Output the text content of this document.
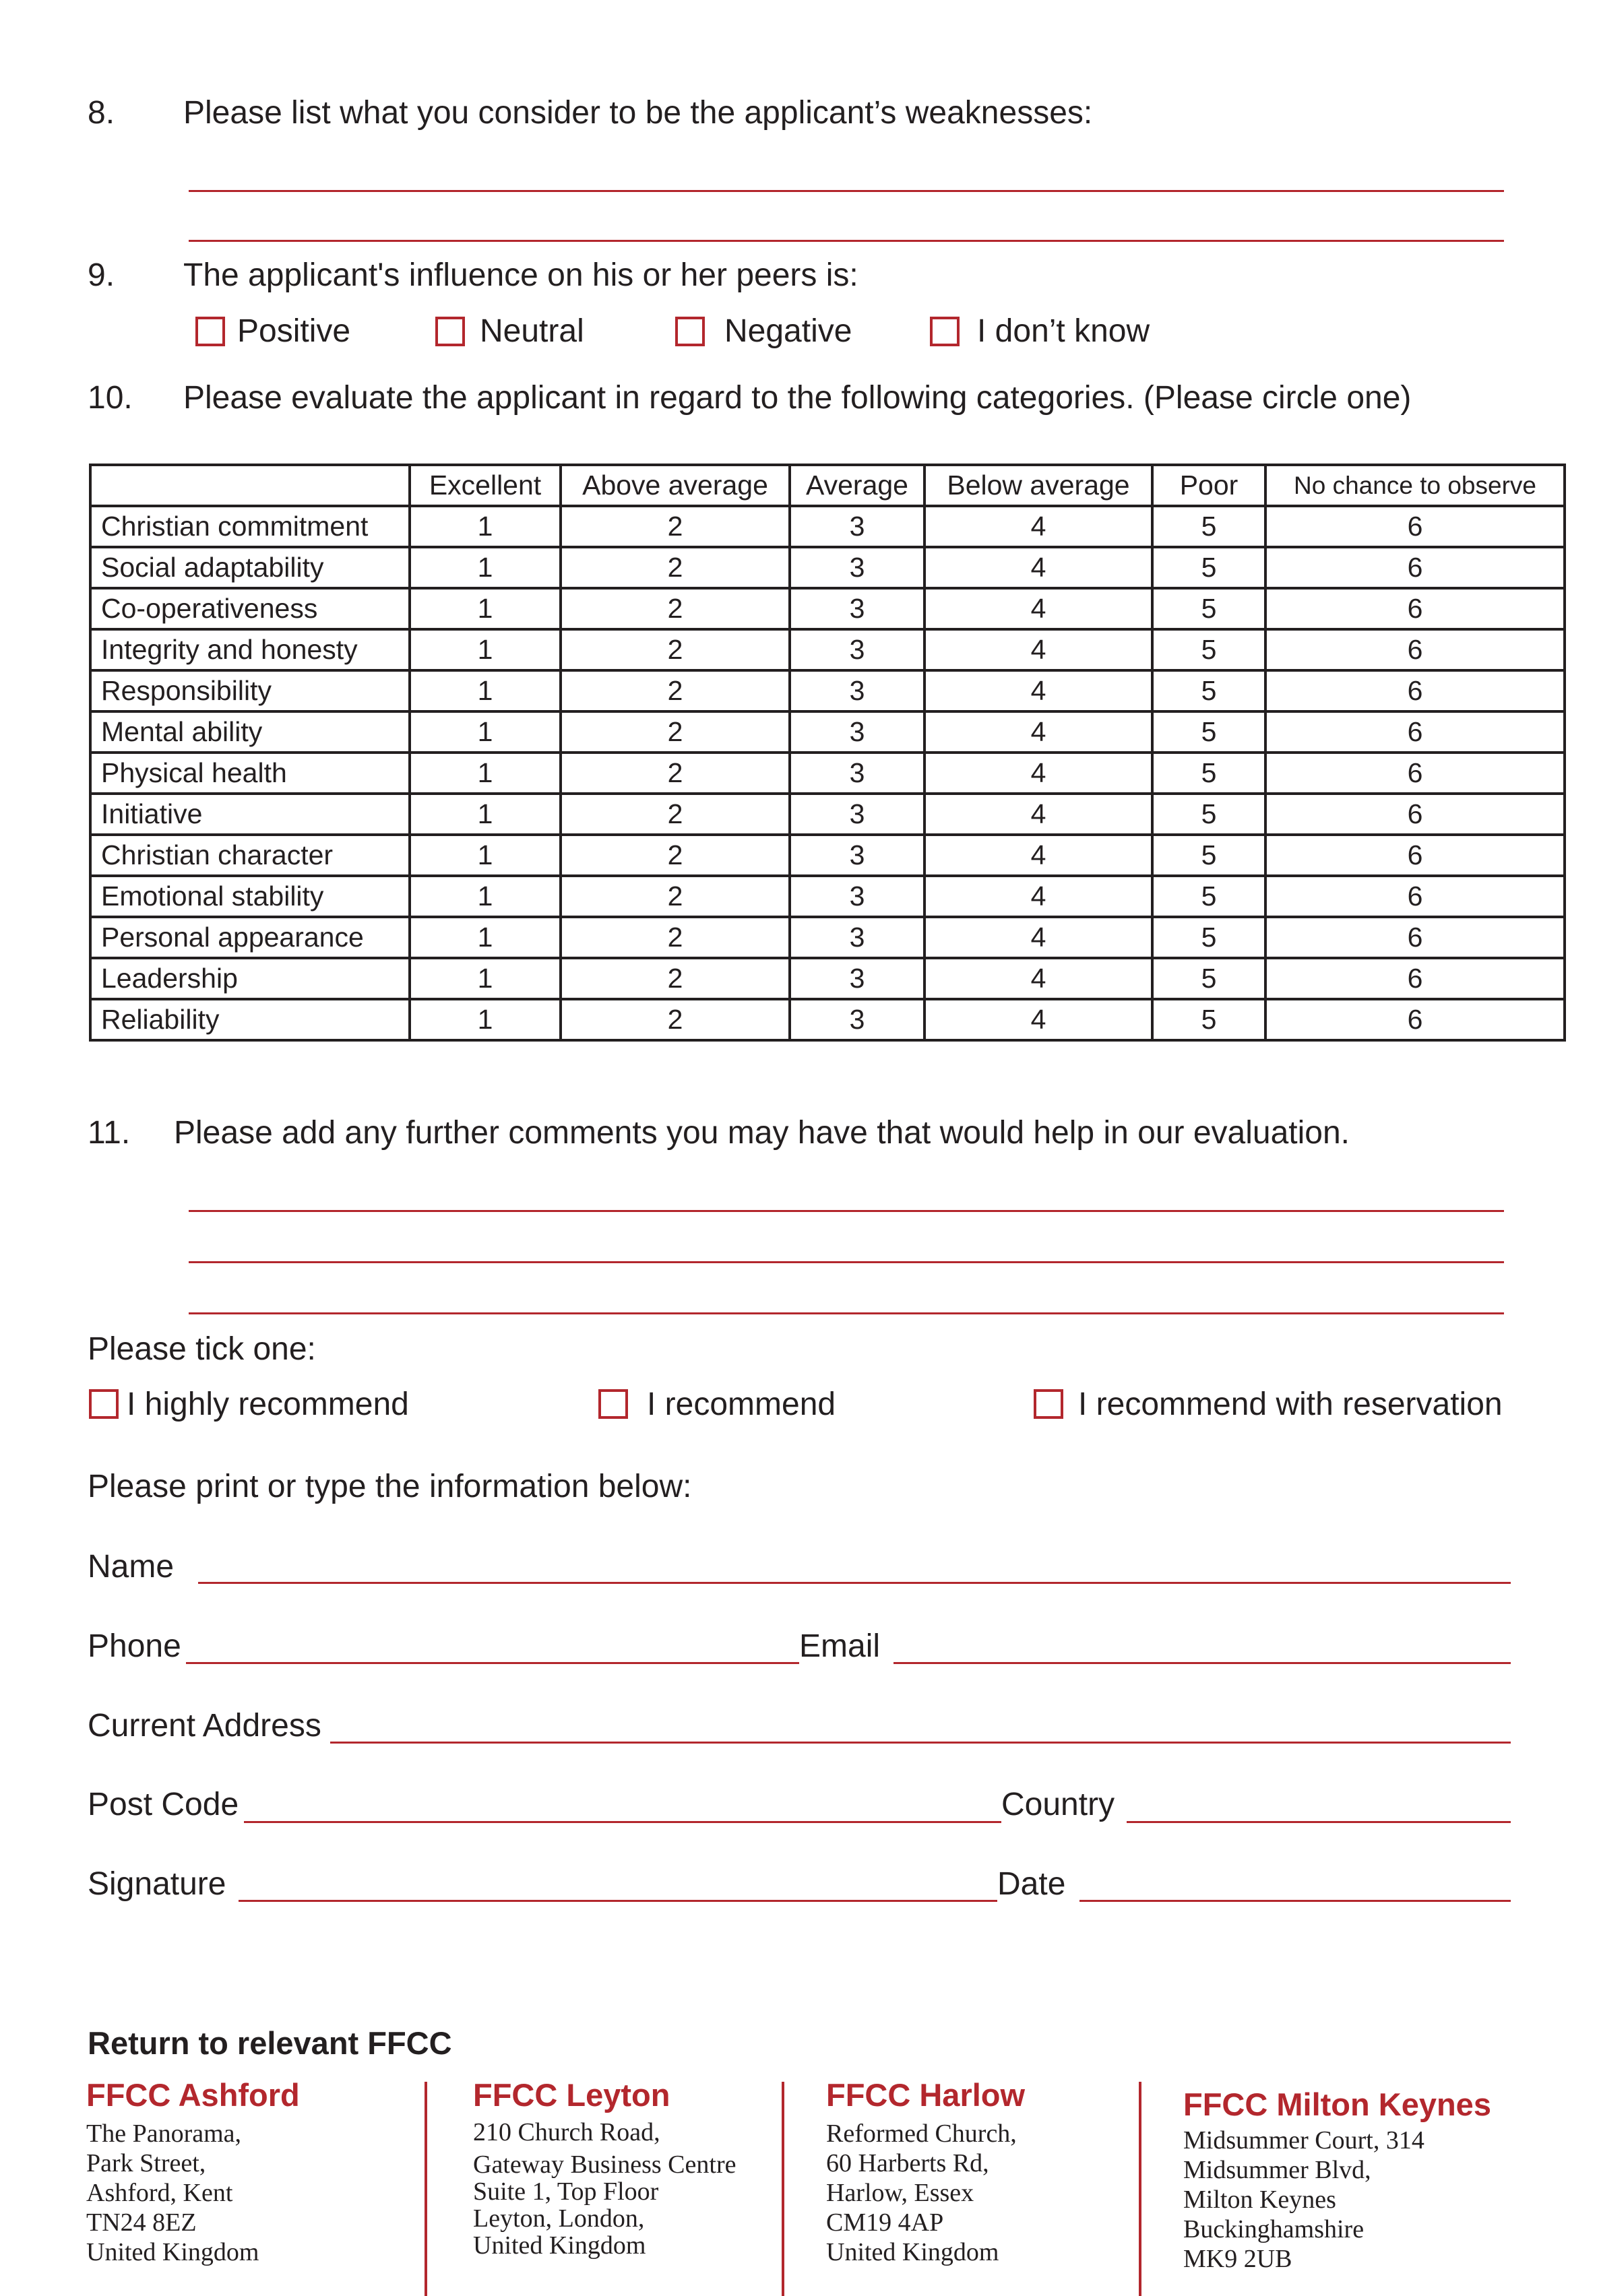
8. Please list what you consider to be the applicant’s weaknesses:
9. The applicant's influence on his or her peers is:
Positive	Neutral	Negative	I don’t know
10. Please evaluate the applicant in regard to the following categories. (Please circle one)
	Excellent	Above average	Average	Below average	Poor	No chance to observe
Christian commitment	1	2	3	4	5	6
Social adaptability	1	2	3	4	5	6
Co-operativeness	1	2	3	4	5	6
Integrity and honesty	1	2	3	4	5	6
Responsibility	1	2	3	4	5	6
Mental ability	1	2	3	4	5	6
Physical health	1	2	3	4	5	6
Initiative	1	2	3	4	5	6
Christian character	1	2	3	4	5	6
Emotional stability	1	2	3	4	5	6
Personal appearance	1	2	3	4	5	6
Leadership	1	2	3	4	5	6
Reliability	1	2	3	4	5	6
11. Please add any further comments you may have that would help in our evaluation.
Please tick one:
I highly recommend	I recommend	I recommend with reservation
Please print or type the information below:
Name
Phone	Email
Current Address
Post Code	Country
Signature	Date
Return to relevant FFCC
FFCC Ashford
The Panorama,
Park Street,
Ashford, Kent
TN24 8EZ
United Kingdom
FFCC Leyton
210 Church Road,
Gateway Business Centre
Suite 1, Top Floor
Leyton, London,
United Kingdom
FFCC Harlow
Reformed Church,
60 Harberts Rd,
Harlow, Essex
CM19 4AP
United Kingdom
FFCC Milton Keynes
Midsummer Court, 314
Midsummer Blvd,
Milton Keynes
Buckinghamshire
MK9 2UB
